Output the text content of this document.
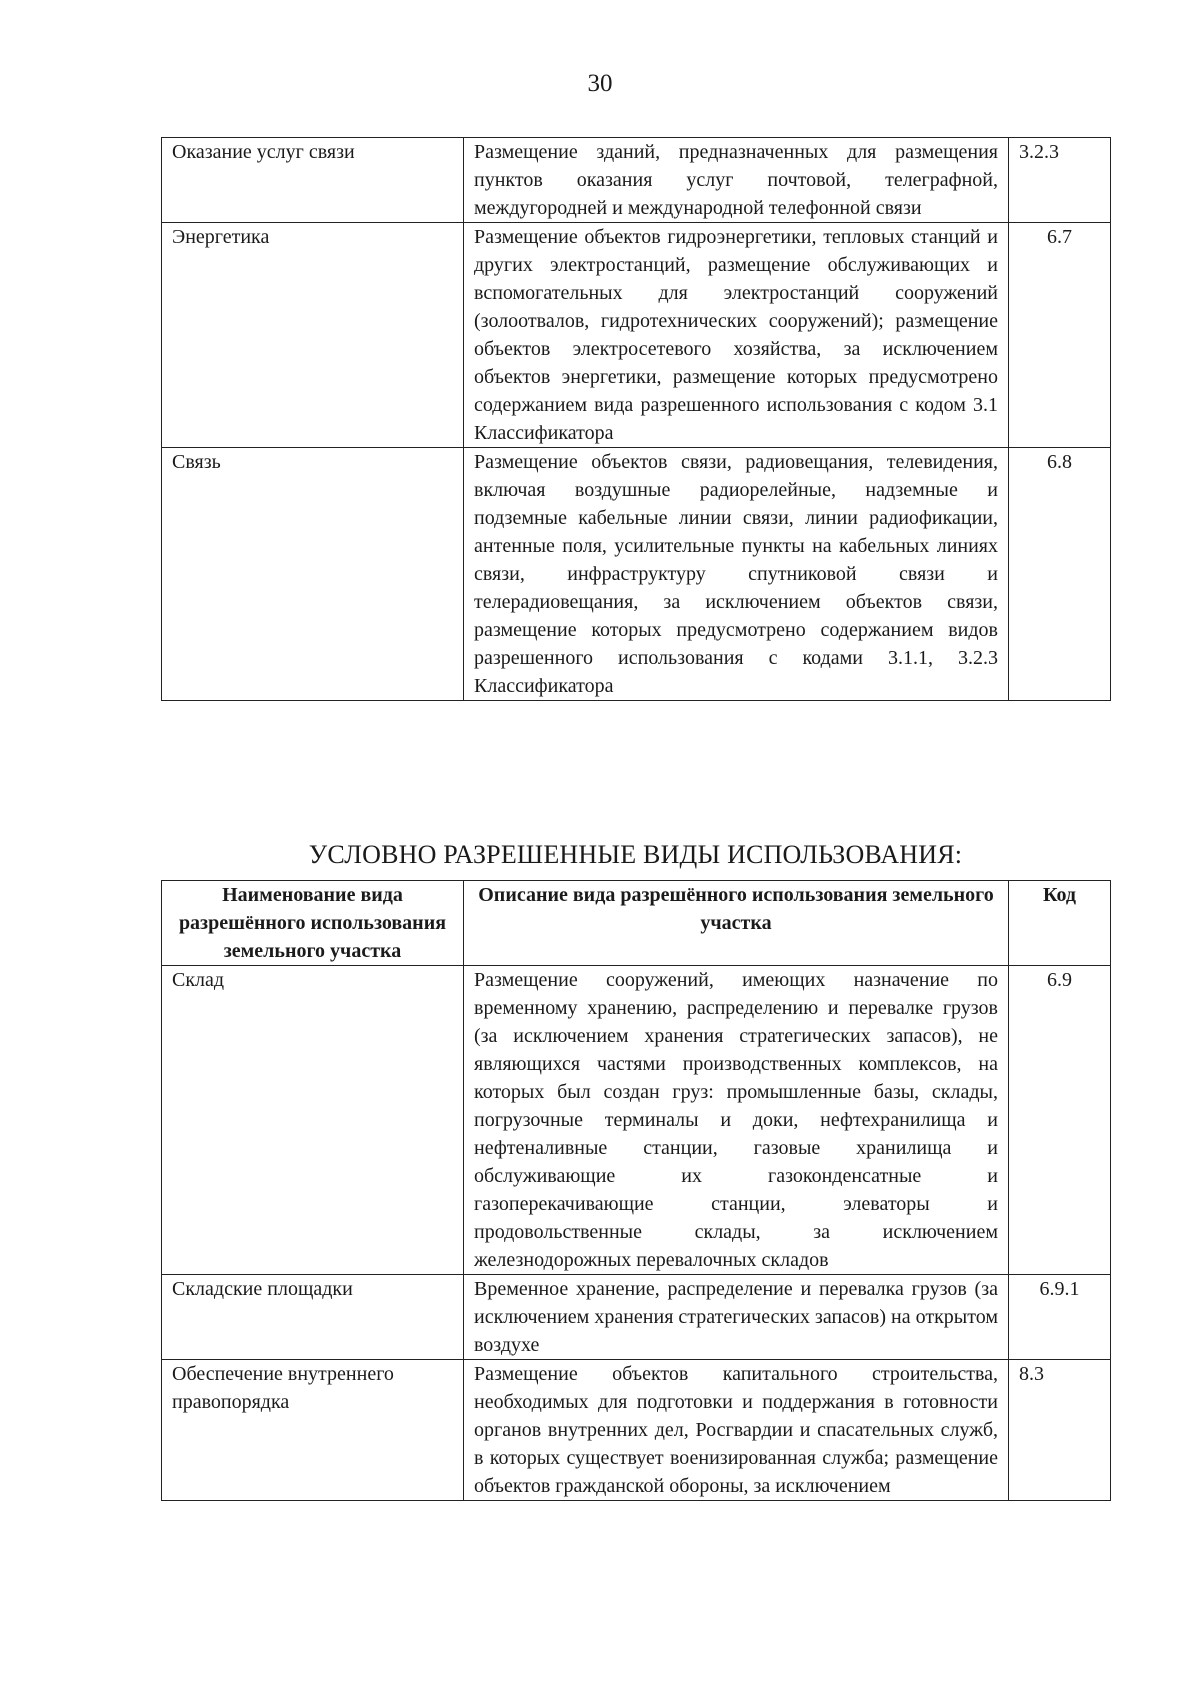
30
Оказание услуг связи	Размещение зданий, предназначенных для размещения пунктов оказания услуг почтовой, телеграфной, междугородней и международной телефонной связи	3.2.3
Энергетика	Размещение объектов гидроэнергетики, тепловых станций и других электростанций, размещение обслуживающих и вспомогательных для электростанций сооружений (золоотвалов, гидротехнических сооружений); размещение объектов электросетевого хозяйства, за исключением объектов энергетики, размещение которых предусмотрено содержанием вида разрешенного использования с кодом 3.1 Классификатора	6.7
Связь	Размещение объектов связи, радиовещания, телевидения, включая воздушные радиорелейные, надземные и подземные кабельные линии связи, линии радиофикации, антенные поля, усилительные пункты на кабельных линиях связи, инфраструктуру спутниковой связи и телерадиовещания, за исключением объектов связи, размещение которых предусмотрено содержанием видов разрешенного использования с кодами 3.1.1, 3.2.3 Классификатора	6.8
УСЛОВНО РАЗРЕШЕННЫЕ ВИДЫ ИСПОЛЬЗОВАНИЯ:
Наименование вида разрешённого использования земельного участка	Описание вида разрешённого использования земельного участка	Код
Склад	Размещение сооружений, имеющих назначение по временному хранению, распределению и перевалке грузов (за исключением хранения стратегических запасов), не являющихся частями производственных комплексов, на которых был создан груз: промышленные базы, склады, погрузочные терминалы и доки, нефтехранилища и нефтеналивные станции, газовые хранилища и обслуживающие их газоконденсатные и газоперекачивающие станции, элеваторы и продовольственные склады, за исключением железнодорожных перевалочных складов	6.9
Складские площадки	Временное хранение, распределение и перевалка грузов (за исключением хранения стратегических запасов) на открытом воздухе	6.9.1
Обеспечение внутреннего правопорядка	Размещение объектов капитального строительства, необходимых для подготовки и поддержания в готовности органов внутренних дел, Росгвардии и спасательных служб, в которых существует военизированная служба; размещение объектов гражданской обороны, за исключением	8.3
